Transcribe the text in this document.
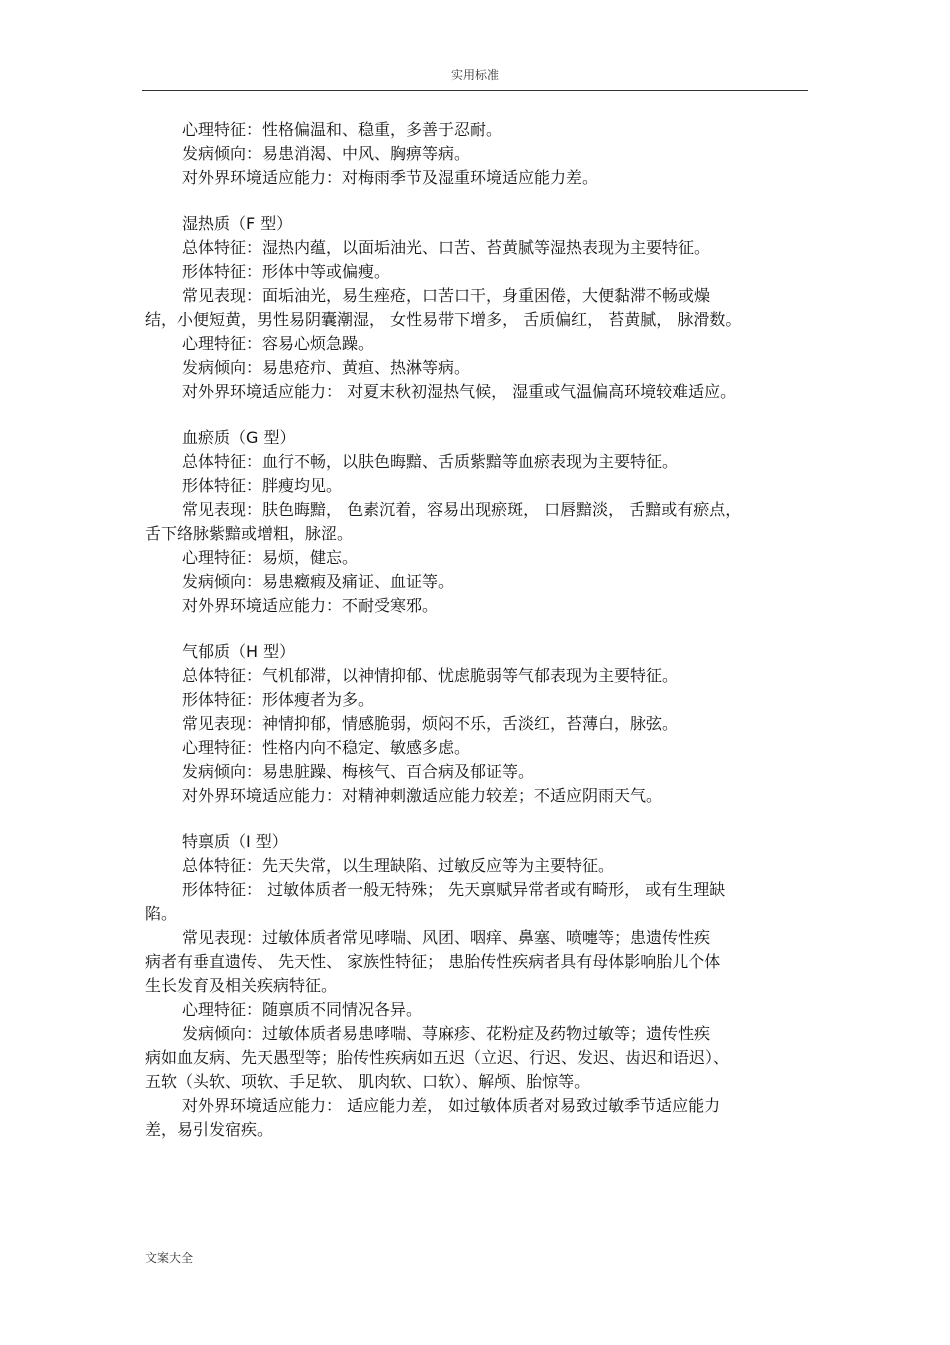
实用标准
心理特征：性格偏温和、稳重，多善于忍耐。
发病倾向：易患消渴、中风、胸痹等病。
对外界环境适应能力：对梅雨季节及湿重环境适应能力差。
湿热质（F 型）
总体特征：湿热内蕴，以面垢油光、口苦、苔黄腻等湿热表现为主要特征。
形体特征：形体中等或偏瘦。
常见表现：面垢油光，易生痤疮，口苦口干，身重困倦，大便黏滞不畅或燥
结，小便短黄，男性易阴囊潮湿， 女性易带下增多， 舌质偏红， 苔黄腻， 脉滑数。
心理特征：容易心烦急躁。
发病倾向：易患疮疖、黄疸、热淋等病。
对外界环境适应能力： 对夏末秋初湿热气候， 湿重或气温偏高环境较难适应。
血瘀质（G 型）
总体特征：血行不畅，以肤色晦黯、舌质紫黯等血瘀表现为主要特征。
形体特征：胖瘦均见。
常见表现：肤色晦黯， 色素沉着，容易出现瘀斑， 口唇黯淡， 舌黯或有瘀点，
舌下络脉紫黯或增粗，脉涩。
心理特征：易烦，健忘。
发病倾向：易患癥瘕及痛证、血证等。
对外界环境适应能力：不耐受寒邪。
气郁质（H 型）
总体特征：气机郁滞，以神情抑郁、忧虑脆弱等气郁表现为主要特征。
形体特征：形体瘦者为多。
常见表现：神情抑郁，情感脆弱，烦闷不乐，舌淡红，苔薄白，脉弦。
心理特征：性格内向不稳定、敏感多虑。
发病倾向：易患脏躁、梅核气、百合病及郁证等。
对外界环境适应能力：对精神刺激适应能力较差；不适应阴雨天气。
特禀质（I 型）
总体特征：先天失常，以生理缺陷、过敏反应等为主要特征。
形体特征： 过敏体质者一般无特殊； 先天禀赋异常者或有畸形， 或有生理缺
陷。
常见表现：过敏体质者常见哮喘、风团、咽痒、鼻塞、喷嚏等；患遗传性疾
病者有垂直遗传、 先天性、 家族性特征； 患胎传性疾病者具有母体影响胎儿个体
生长发育及相关疾病特征。
心理特征：随禀质不同情况各异。
发病倾向：过敏体质者易患哮喘、荨麻疹、花粉症及药物过敏等；遗传性疾
病如血友病、先天愚型等；胎传性疾病如五迟（立迟、行迟、发迟、齿迟和语迟）、
五软（头软、项软、手足软、 肌肉软、口软）、解颅、胎惊等。
对外界环境适应能力： 适应能力差， 如过敏体质者对易致过敏季节适应能力
差，易引发宿疾。
文案大全
